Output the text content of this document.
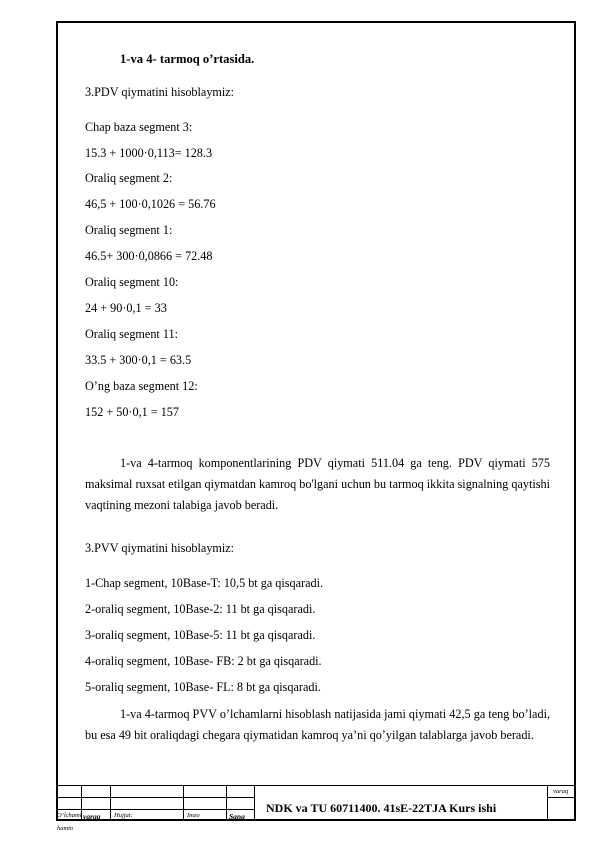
1-va 4- tarmoq o’rtasida.
3.PDV qiymatini hisoblaymiz:
Chap baza segment 3:
15.3 + 1000·0,113= 128.3
Oraliq segment 2:
46,5 + 100·0,1026 = 56.76
Oraliq segment 1:
46.5+ 300·0,0866 = 72.48
Oraliq segment 10:
24 + 90·0,1 = 33
Oraliq segment 11:
33.5 + 300·0,1 = 63.5
O’ng baza segment 12:
152 + 50·0,1 = 157
1-va 4-tarmoq komponentlarining PDV qiymati 511.04 ga teng. PDV qiymati 575 maksimal ruxsat etilgan qiymatdan kamroq bo'lgani uchun bu tarmoq ikkita signalning qaytishi vaqtining mezoni talabiga javob beradi.
3.PVV qiymatini hisoblaymiz:
1-Chap segment, 10Base-T: 10,5 bt ga qisqaradi.
2-oraliq segment, 10Base-2: 11 bt ga qisqaradi.
3-oraliq segment, 10Base-5: 11 bt ga qisqaradi.
4-oraliq segment, 10Base- FB: 2 bt ga qisqaradi.
5-oraliq segment, 10Base- FL: 8 bt ga qisqaradi.
1-va 4-tarmoq PVV o’lchamlarni hisoblash natijasida jami qiymati 42,5 ga teng bo’ladi, bu esa 49 bit oraliqdagi chegara qiymatidan kamroq ya’ni qo’yilgan talablarga javob beradi.
O’lchami
hamm
varaq Hujjat:	Imzo	Sana
NDK va TU 60711400. 41sE-22TJA Kurs ishi
varaq
